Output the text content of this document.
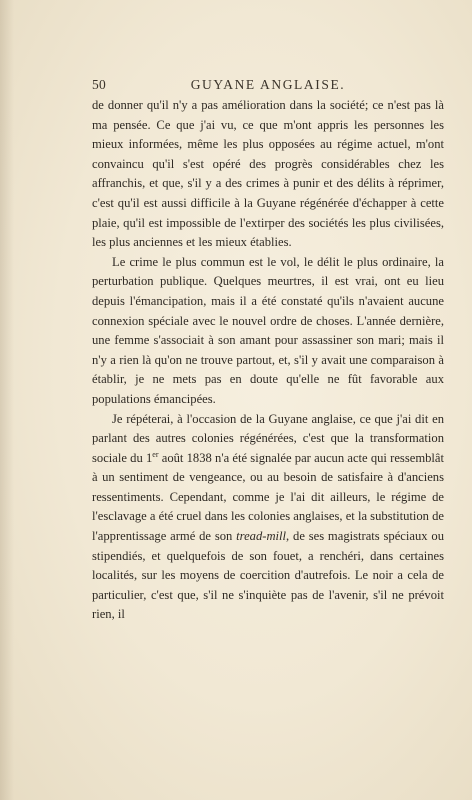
50	GUYANE ANGLAISE.

de donner qu'il n'y a pas amélioration dans la société; ce n'est pas là ma pensée. Ce que j'ai vu, ce que m'ont appris les personnes les mieux informées, même les plus opposées au régime actuel, m'ont convaincu qu'il s'est opéré des progrès considérables chez les affranchis, et que, s'il y a des crimes à punir et des délits à réprimer, c'est qu'il est aussi difficile à la Guyane régénérée d'échapper à cette plaie, qu'il est impossible de l'extirper des sociétés les plus civilisées, les plus anciennes et les mieux établies.

Le crime le plus commun est le vol, le délit le plus ordinaire, la perturbation publique. Quelques meurtres, il est vrai, ont eu lieu depuis l'émancipation, mais il a été constaté qu'ils n'avaient aucune connexion spéciale avec le nouvel ordre de choses. L'année dernière, une femme s'associait à son amant pour assassiner son mari; mais il n'y a rien là qu'on ne trouve partout, et, s'il y avait une comparaison à établir, je ne mets pas en doute qu'elle ne fût favorable aux populations émancipées.

Je répéterai, à l'occasion de la Guyane anglaise, ce que j'ai dit en parlant des autres colonies régénérées, c'est que la transformation sociale du 1er août 1838 n'a été signalée par aucun acte qui ressemblât à un sentiment de vengeance, ou au besoin de satisfaire à d'anciens ressentiments. Cependant, comme je l'ai dit ailleurs, le régime de l'esclavage a été cruel dans les colonies anglaises, et la substitution de l'apprentissage armé de son tread-mill, de ses magistrats spéciaux ou stipendiés, et quelquefois de son fouet, a renchéri, dans certaines localités, sur les moyens de coercition d'autrefois. Le noir a cela de particulier, c'est que, s'il ne s'inquiète pas de l'avenir, s'il ne prévoit rien, il
